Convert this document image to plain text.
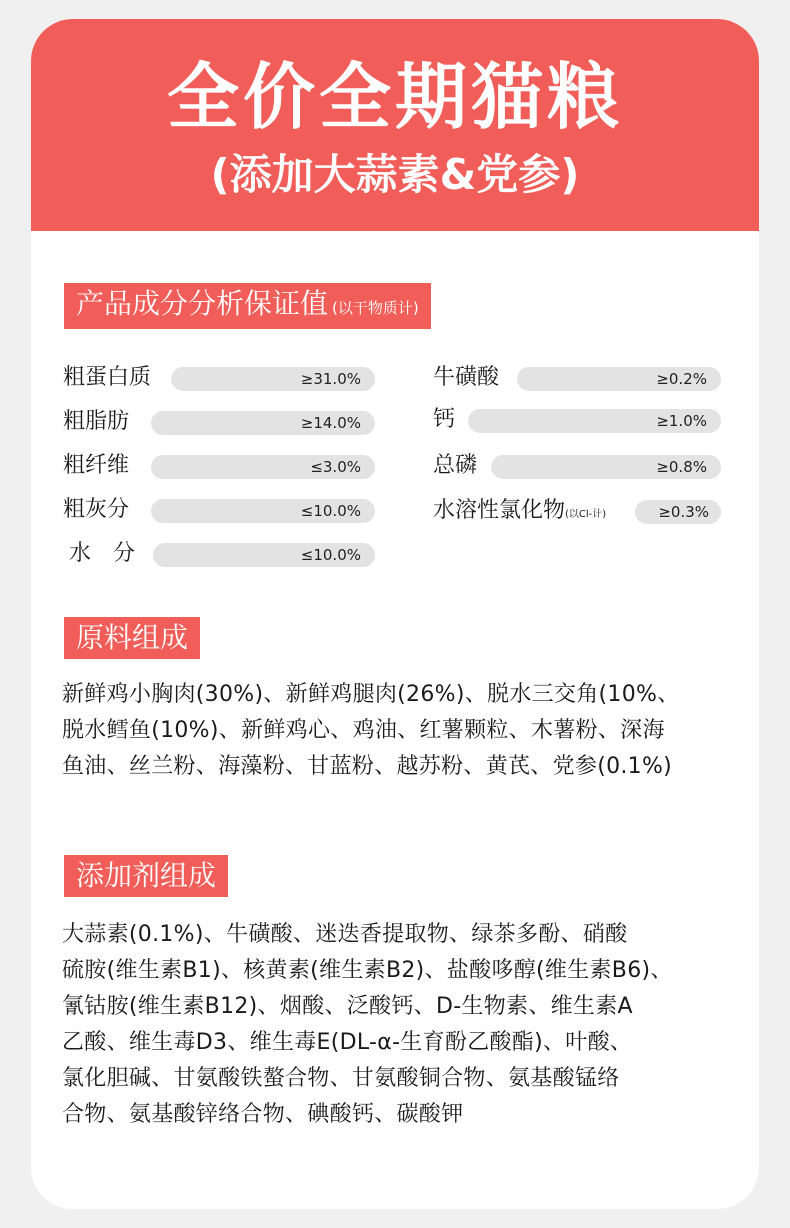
全价全期猫粮
(添加大蒜素&党参)
产品成分分析保证值 (以干物质计)
粗蛋白质	≥31.0%
粗脂肪	≥14.0%
粗纤维	≤3.0%
粗灰分	≤10.0%
水　分	≤10.0%
牛磺酸	≥0.2%
钙	≥1.0%
总磷	≥0.8%
水溶性氯化物(以Cl-计)	≥0.3%
原料组成
新鲜鸡小胸肉(30%)、新鲜鸡腿肉(26%)、脱水三交角(10%、
脱水鳕鱼(10%)、新鲜鸡心、鸡油、红薯颗粒、木薯粉、深海
鱼油、丝兰粉、海藻粉、甘蓝粉、越苏粉、黄芪、党参(0.1%)
添加剂组成
大蒜素(0.1%)、牛磺酸、迷迭香提取物、绿茶多酚、硝酸
硫胺(维生素B1)、核黄素(维生素B2)、盐酸哆醇(维生素B6)、
氰钴胺(维生素B12)、烟酸、泛酸钙、D-生物素、维生素A
乙酸、维生毒D3、维生毒E(DL-α-生育酚乙酸酯)、叶酸、
氯化胆碱、甘氨酸铁螯合物、甘氨酸铜合物、氨基酸锰络
合物、氨基酸锌络合物、碘酸钙、碳酸钾
